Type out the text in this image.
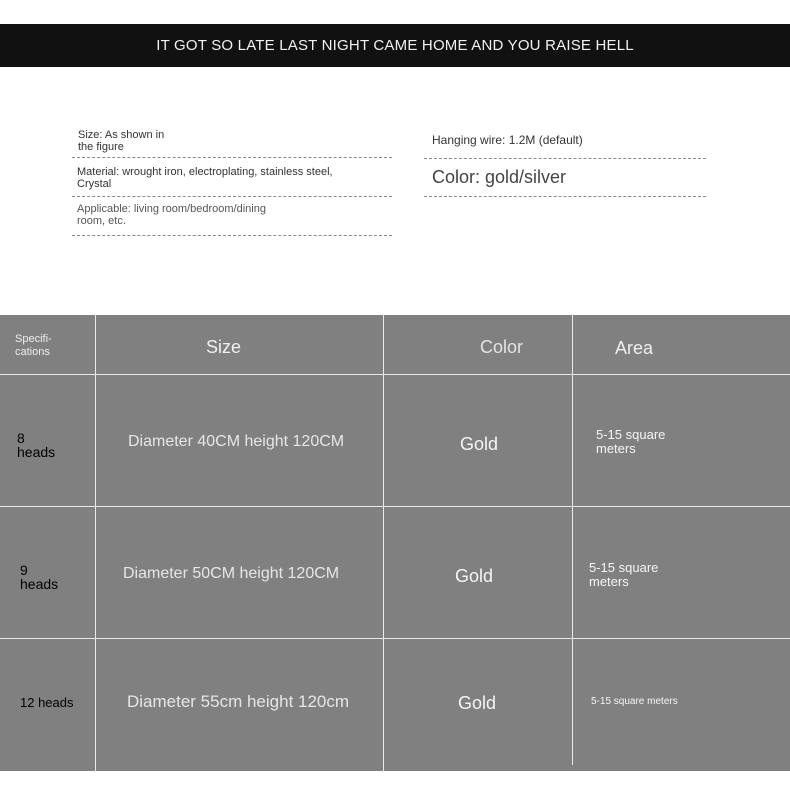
IT GOT SO LATE LAST NIGHT CAME HOME AND YOU RAISE HELL
Size: As shown in
the figure
Material: wrought iron, electroplating, stainless steel,
Crystal
Applicable: living room/bedroom/dining
room, etc.
Hanging wire: 1.2M (default)
Color: gold/silver
Specifi-
cations	Size	Color	Area
8
heads
Diameter 40CM height 120CM	Gold	5-15 square
meters
9
heads
Diameter 50CM height 120CM	Gold	5-15 square
meters
12 heads	Diameter 55cm height 120cm	Gold	5-15 square meters
